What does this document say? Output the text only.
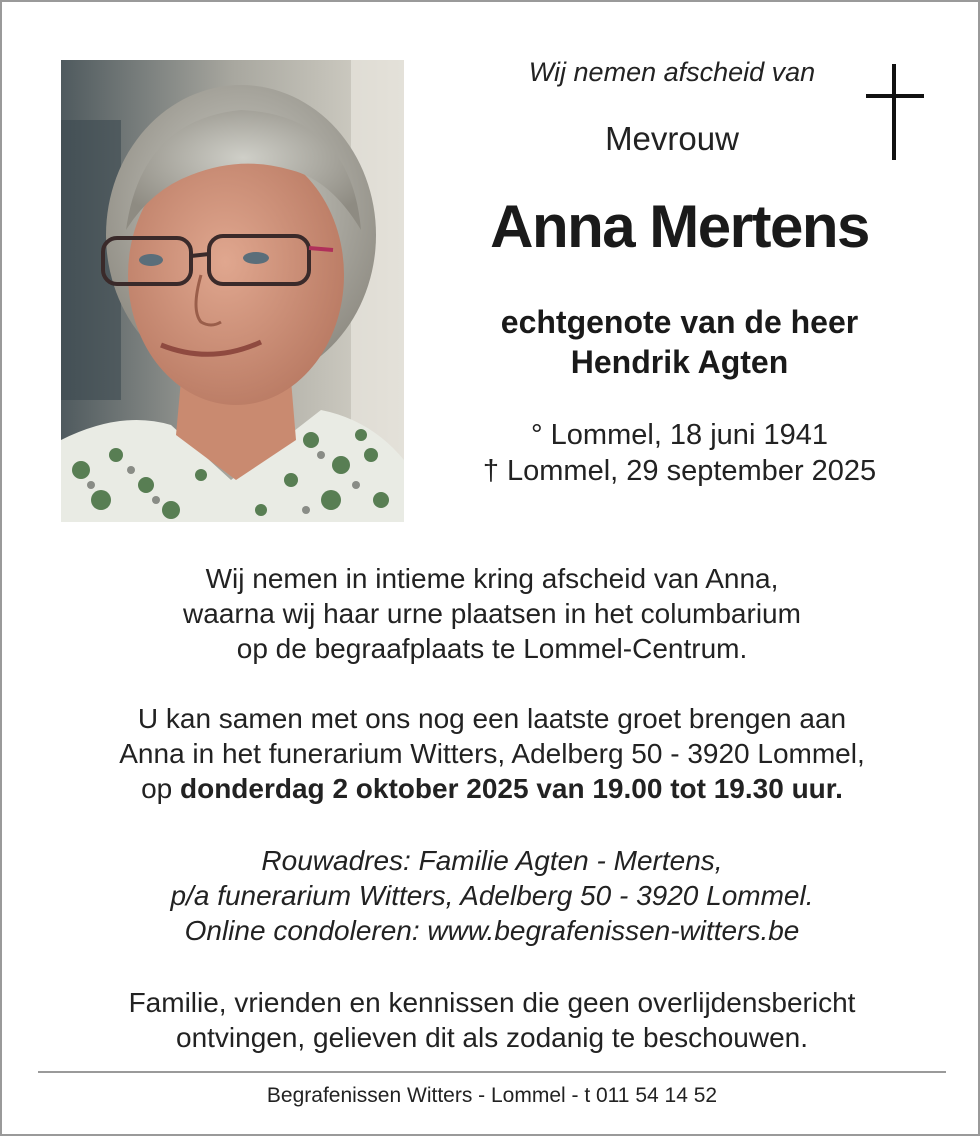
Wij nemen afscheid van
Mevrouw
Anna Mertens
echtgenote van de heer
Hendrik Agten
° Lommel, 18 juni 1941
† Lommel, 29 september 2025
Wij nemen in intieme kring afscheid van Anna,
waarna wij haar urne plaatsen in het columbarium
op de begraafplaats te Lommel-Centrum.
U kan samen met ons nog een laatste groet brengen aan
Anna in het funerarium Witters, Adelberg 50 - 3920 Lommel,
op donderdag 2 oktober 2025 van 19.00 tot 19.30 uur.
Rouwadres: Familie Agten - Mertens,
p/a funerarium Witters, Adelberg 50 - 3920 Lommel.
Online condoleren: www.begrafenissen-witters.be
Familie, vrienden en kennissen die geen overlijdensbericht
ontvingen, gelieven dit als zodanig te beschouwen.
Begrafenissen Witters - Lommel - t 011 54 14 52
